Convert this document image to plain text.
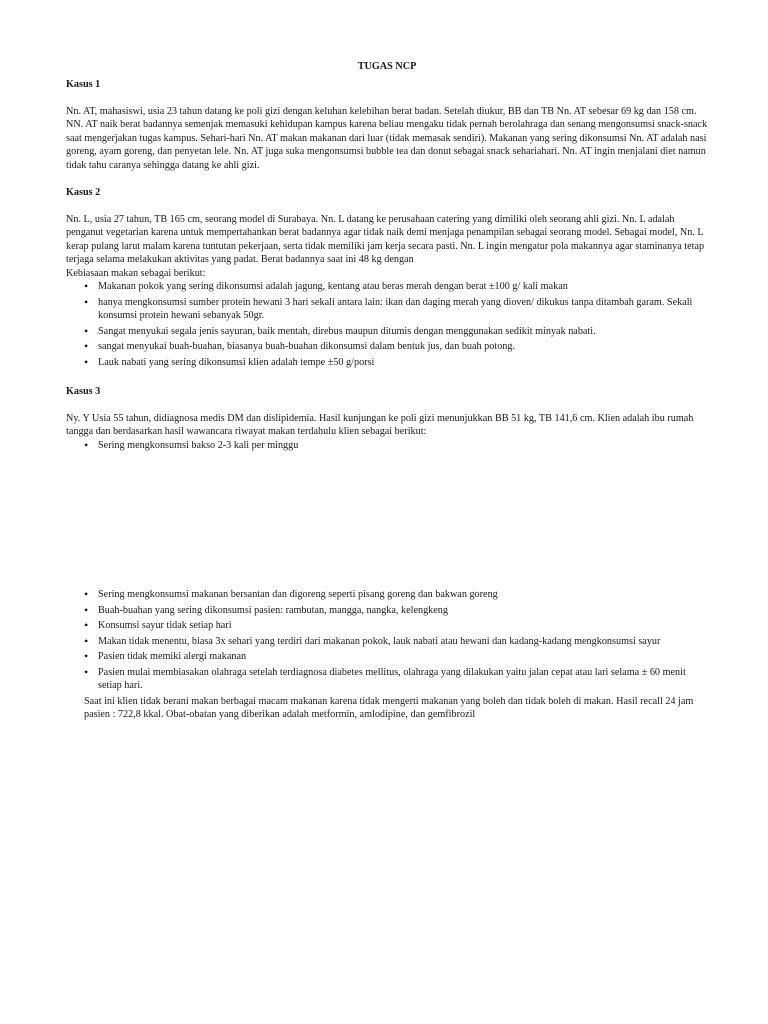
TUGAS NCP

Kasus 1

Nn. AT, mahasiswi, usia 23 tahun datang ke poli gizi dengan keluhan kelebihan berat badan. Setelah diukur, BB dan TB Nn. AT sebesar 69 kg dan 158 cm. NN. AT naik berat badannya semenjak memasuki kehidupan kampus karena beliau mengaku tidak pernah berolahraga dan senang mengonsumsi snack-snack saat mengerjakan tugas kampus. Sehari-hari Nn. AT makan makanan dari luar (tidak memasak sendiri). Makanan yang sering dikonsumsi Nn. AT adalah nasi goreng, ayam goreng, dan penyetan lele. Nn. AT juga suka mengonsumsi bubble tea dan donut sebagai snack sehariahari. Nn. AT ingin menjalani diet namun tidak tahu caranya sehingga datang ke ahli gizi.

Kasus 2

Nn. L, usia 27 tahun, TB 165 cm, seorang model di Surabaya. Nn. L datang ke perusahaan catering yang dimiliki oleh seorang ahli gizi. Nn. L adalah penganut vegetarian karena untuk mempertahankan berat badannya agar tidak naik demi menjaga penampilan sebagai seorang model. Sebagai model, Nn. L kerap pulang larut malam karena tuntutan pekerjaan, serta tidak memiliki jam kerja secara pasti. Nn. L ingin mengatur pola makannya agar staminanya tetap terjaga selama melakukan aktivitas yang padat. Berat badannya saat ini 48 kg dengan

Kebiasaan makan sebagai berikut:

• Makanan pokok yang sering dikonsumsi adalah jagung, kentang atau beras merah dengan berat ±100 g/ kali makan
• hanya mengkonsumsi sumber protein hewani 3 hari sekali antara lain: ikan dan daging merah yang dioven/ dikukus tanpa ditambah garam. Sekali konsumsi protein hewani sebanyak 50gr.
• Sangat menyukai segala jenis sayuran, baik mentah, direbus maupun ditumis dengan menggunakan sedikit minyak nabati.
• sangat menyukai buah-buahan, biasanya buah-buahan dikonsumsi dalam bentuk jus, dan buah potong.
• Lauk nabati yang sering dikonsumsi klien adalah tempe ±50 g/porsi

Kasus 3

Ny. Y Usia 55 tahun, didiagnosa medis DM dan dislipidemia. Hasil kunjungan ke poli gizi menunjukkan BB 51 kg, TB 141,6 cm. Klien adalah ibu rumah tangga dan berdasarkan hasil wawancara riwayat makan terdahulu klien sebagai berikut:

• Sering mengkonsumsi bakso 2-3 kali per minggu
• Sering mengkonsumsi makanan bersantan dan digoreng seperti pisang goreng dan bakwan goreng
• Buah-buahan yang sering dikonsumsi pasien: rambutan, mangga, nangka, kelengkeng
• Konsumsi sayur tidak setiap hari
• Makan tidak menentu, biasa 3x sehari yang terdiri dari makanan pokok, lauk nabati atau hewani dan kadang-kadang mengkonsumsi sayur
• Pasien tidak memiki alergi makanan
• Pasien mulai membiasakan olahraga setelah terdiagnosa diabetes mellitus, olahraga yang dilakukan yaitu jalan cepat atau lari selama ± 60 menit setiap hari.

Saat ini klien tidak berani makan berbagai macam makanan karena tidak mengerti makanan yang boleh dan tidak boleh di makan. Hasil recall 24 jam pasien : 722,8 kkal. Obat-obatan yang diberikan adalah metformin, amlodipine, dan gemfibrozil
